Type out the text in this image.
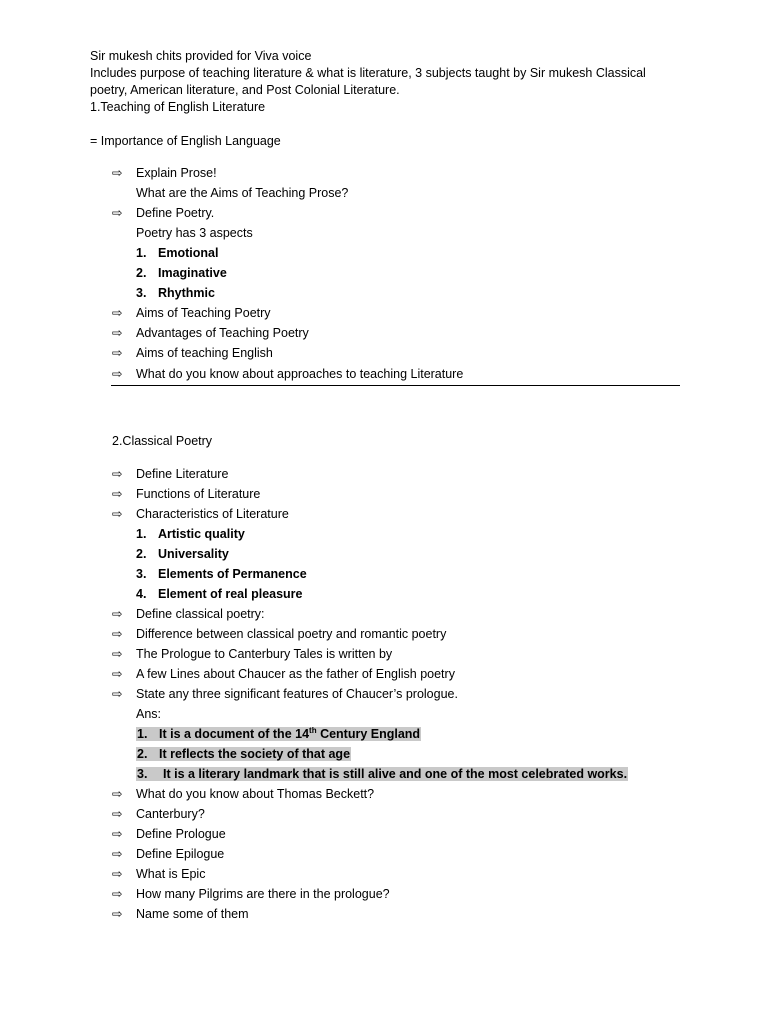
Sir mukesh chits provided for Viva voice
Includes purpose of teaching literature & what is literature, 3 subjects taught by Sir mukesh Classical
poetry, American literature, and Post Colonial Literature.
1.Teaching of English Literature
= Importance of English Language
⇨ Explain Prose!
What are the Aims of Teaching Prose?
⇨ Define Poetry.
Poetry has 3 aspects
1. Emotional
2. Imaginative
3. Rhythmic
⇨ Aims of Teaching Poetry
⇨ Advantages of Teaching Poetry
⇨ Aims of teaching English
⇨ What do you know about approaches to teaching Literature
2.Classical Poetry
⇨ Define Literature
⇨ Functions of Literature
⇨ Characteristics of Literature
1. Artistic quality
2. Universality
3. Elements of Permanence
4. Element of real pleasure
⇨ Define classical poetry:
⇨ Difference between classical poetry and romantic poetry
⇨ The Prologue to Canterbury Tales is written by
⇨ A few Lines about Chaucer as the father of English poetry
⇨ State any three significant features of Chaucer’s prologue.
Ans:
1. It is a document of the 14th Century England
2. It reflects the society of that age
3. It is a literary landmark that is still alive and one of the most celebrated works.
⇨ What do you know about Thomas Beckett?
⇨ Canterbury?
⇨ Define Prologue
⇨ Define Epilogue
⇨ What is Epic
⇨ How many Pilgrims are there in the prologue?
⇨ Name some of them
